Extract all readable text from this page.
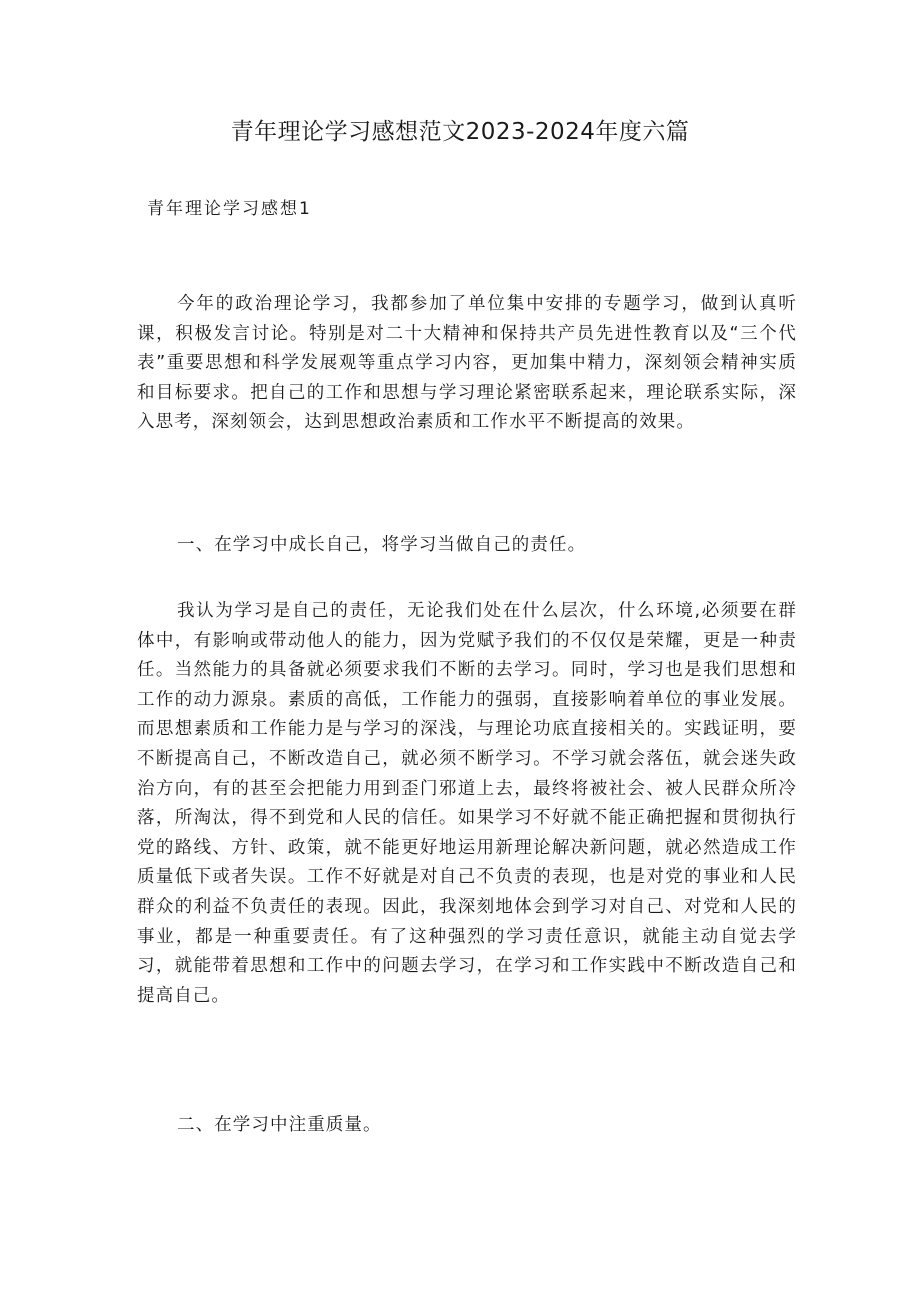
青年理论学习感想范文2023-2024年度六篇
青年理论学习感想1

今年的政治理论学习，我都参加了单位集中安排的专题学习，做到认真听课，积极发言讨论。特别是对二十大精神和保持共产员先进性教育以及“三个代表”重要思想和科学发展观等重点学习内容，更加集中精力，深刻领会精神实质和目标要求。把自己的工作和思想与学习理论紧密联系起来，理论联系实际，深入思考，深刻领会，达到思想政治素质和工作水平不断提高的效果。

一、在学习中成长自己，将学习当做自己的责任。

我认为学习是自己的责任，无论我们处在什么层次，什么环境,必须要在群体中，有影响或带动他人的能力，因为党赋予我们的不仅仅是荣耀，更是一种责任。当然能力的具备就必须要求我们不断的去学习。同时，学习也是我们思想和工作的动力源泉。素质的高低，工作能力的强弱，直接影响着单位的事业发展。而思想素质和工作能力是与学习的深浅，与理论功底直接相关的。实践证明，要不断提高自己，不断改造自己，就必须不断学习。不学习就会落伍，就会迷失政治方向，有的甚至会把能力用到歪门邪道上去，最终将被社会、被人民群众所冷落，所淘汰，得不到党和人民的信任。如果学习不好就不能正确把握和贯彻执行党的路线、方针、政策，就不能更好地运用新理论解决新问题，就必然造成工作质量低下或者失误。工作不好就是对自己不负责的表现，也是对党的事业和人民群众的利益不负责任的表现。因此，我深刻地体会到学习对自己、对党和人民的事业，都是一种重要责任。有了这种强烈的学习责任意识，就能主动自觉去学习，就能带着思想和工作中的问题去学习，在学习和工作实践中不断改造自己和提高自己。

二、在学习中注重质量。
